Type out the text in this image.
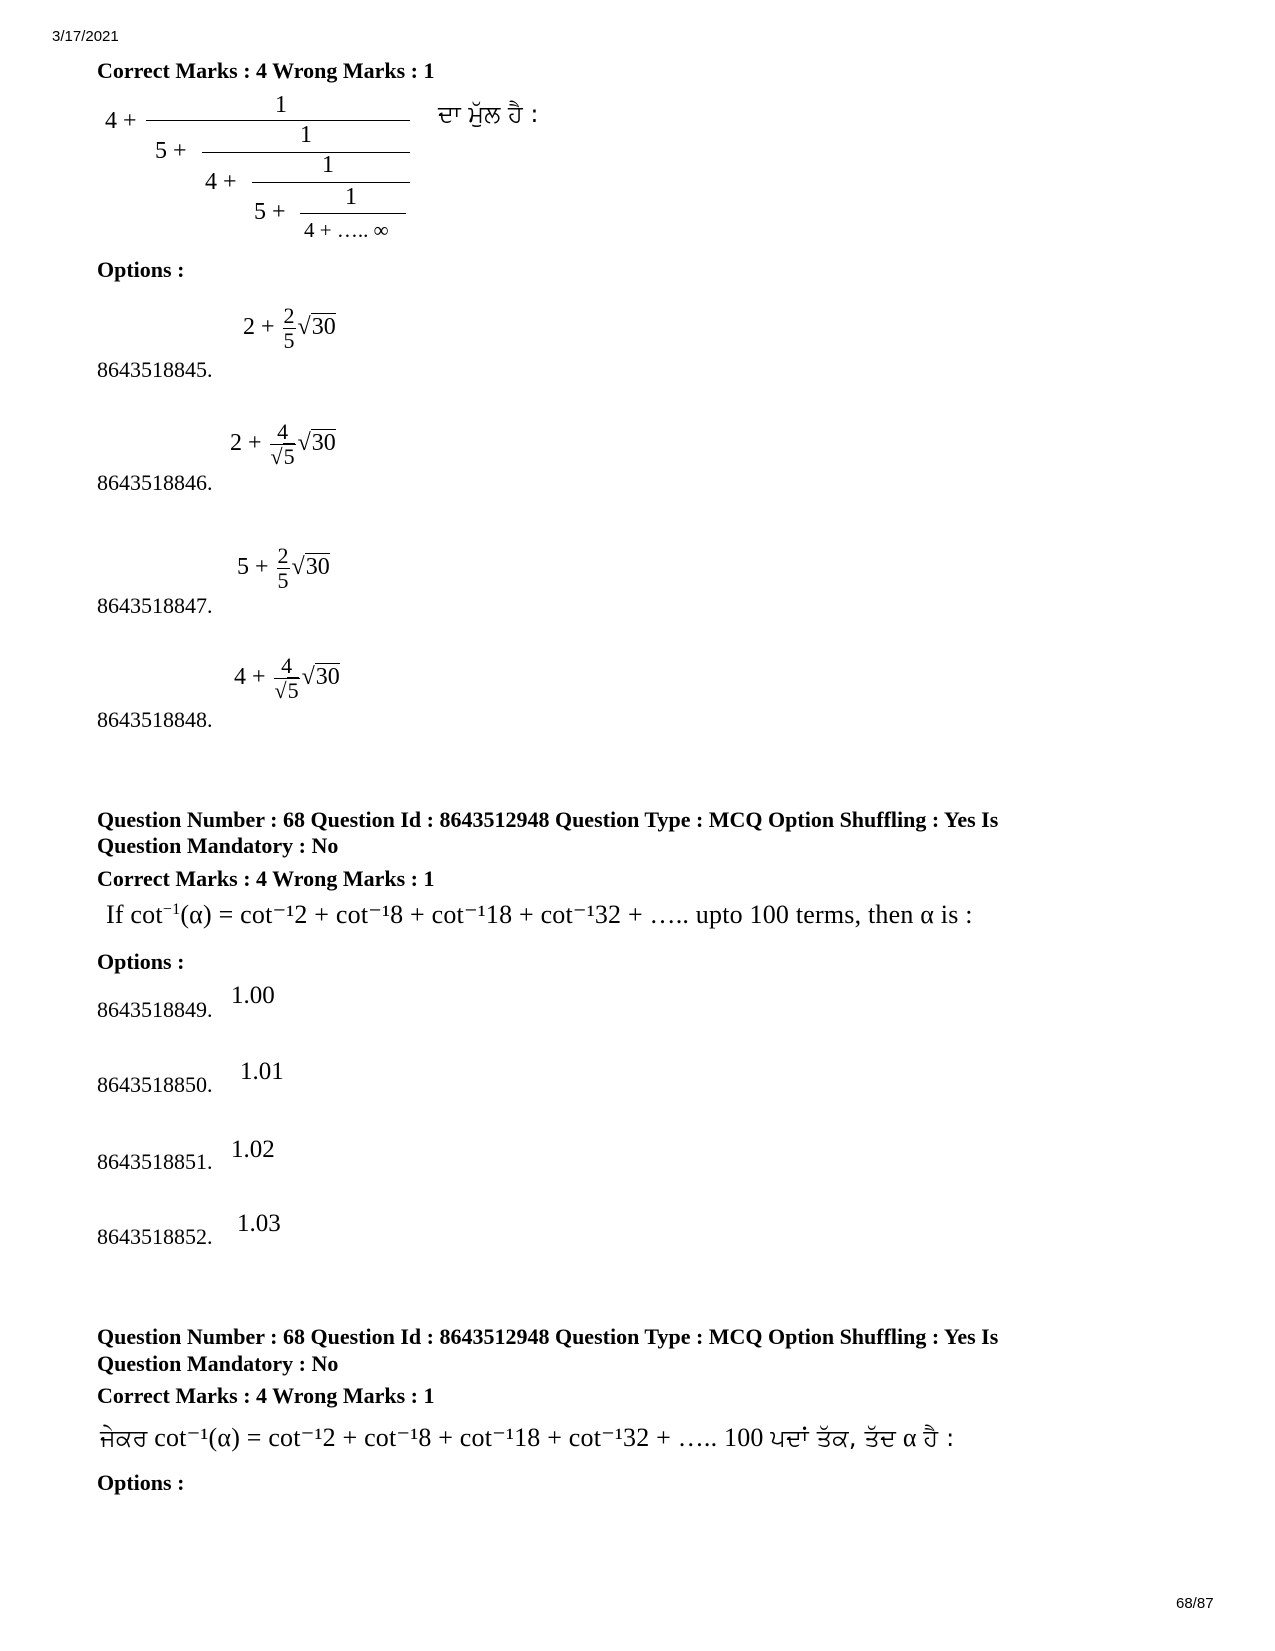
3/17/2021
68/87
Correct Marks : 4 Wrong Marks : 1
4 +
1
5 +
1
4 +
1
5 +
1
4 + ….. ∞
ਦਾ ਮੁੱਲ ਹੈ :
Options :
8643518845.
$2 + \frac{2}{5} √30$
8643518846.
$2 + \frac{4}{√5} √30$
8643518847.
$5 + \frac{2}{5} √30$
8643518848.
$4 + \frac{4}{√5} √30$
Question Number : 68 Question Id : 8643512948 Question Type : MCQ Option Shuffling : Yes Is
Question Mandatory : No
Correct Marks : 4 Wrong Marks : 1
If $\cot^{-1}(\alpha) = \cot^{-1}2 + \cot^{-1}8 + \cot^{-1}18 + \cot^{-1}32$ + ….. upto 100 terms, then α is :
Options :
8643518849.
1.00
8643518850. 1.01
8643518851. 1.02
8643518852. 1.03
Question Number : 68 Question Id : 8643512948 Question Type : MCQ Option Shuffling : Yes Is
Question Mandatory : No
Correct Marks : 4 Wrong Marks : 1
ਜੇਕਰ cot⁻¹(α) = cot⁻¹2 + cot⁻¹8 + cot⁻¹18 + cot⁻¹32 + ….. 100 ਪਦਾਂ ਤੱਕ, ਤੱਦ α ਹੈ :
Options :
